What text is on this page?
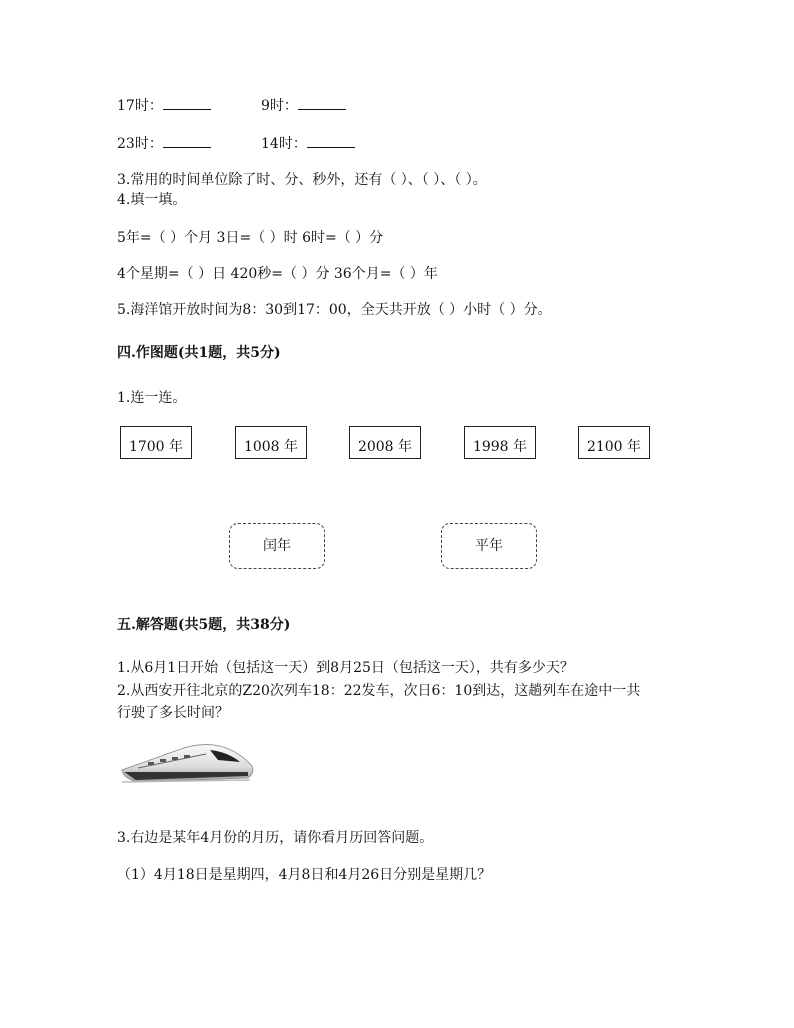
17时：	9时：
23时：	14时：
3.常用的时间单位除了时、分、秒外，还有（ ）、（ ）、（ ）。
4.填一填。
5年=（ ）个月 3日=（ ）时 6时=（ ）分
4个星期=（ ）日 420秒=（ ）分 36个月=（ ）年
5.海洋馆开放时间为8：30到17：00，全天共开放（ ）小时（ ）分。
四.作图题(共1题，共5分)
1.连一连。
1700 年	1008 年	2008 年	1998 年	2100 年
闰年	平年
五.解答题(共5题，共38分)
1.从6月1日开始（包括这一天）到8月25日（包括这一天），共有多少天？
2.从西安开往北京的Z20次列车18：22发车，次日6：10到达，这趟列车在途中一共
行驶了多长时间？
3.右边是某年4月份的月历，请你看月历回答问题。
（1）4月18日是星期四，4月8日和4月26日分别是星期几？
